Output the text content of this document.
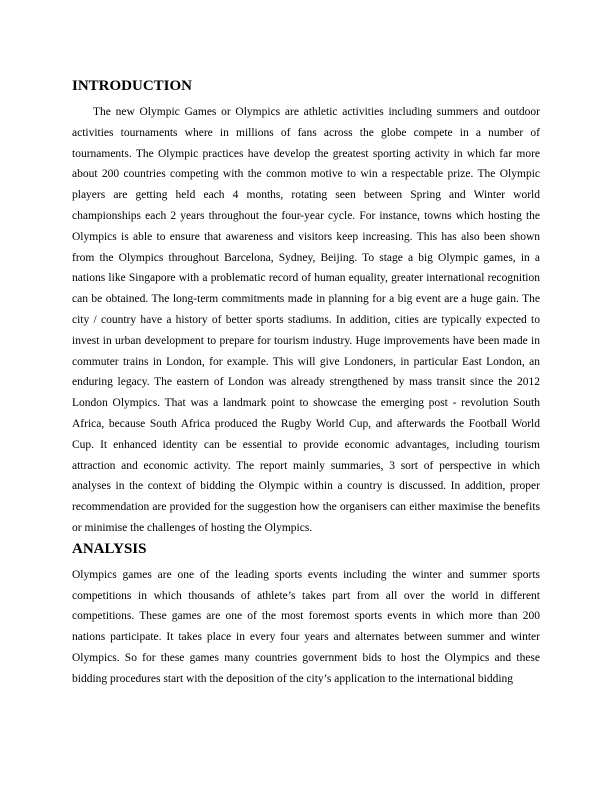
INTRODUCTION

The new Olympic Games or Olympics are athletic activities including summers and outdoor activities tournaments where in millions of fans across the globe compete in a number of tournaments. The Olympic practices have develop the greatest sporting activity in which far more about 200 countries competing with the common motive to win a respectable prize. The Olympic players are getting held each 4 months, rotating seen between Spring and Winter world championships each 2 years throughout the four-year cycle. For instance, towns which hosting the Olympics is able to ensure that awareness and visitors keep increasing. This has also been shown from the Olympics throughout Barcelona, Sydney, Beijing. To stage a big Olympic games, in a nations like Singapore with a problematic record of human equality, greater international recognition can be obtained. The long-term commitments made in planning for a big event are a huge gain. The city / country have a history of better sports stadiums. In addition, cities are typically expected to invest in urban development to prepare for tourism industry. Huge improvements have been made in commuter trains in London, for example. This will give Londoners, in particular East London, an enduring legacy. The eastern of London was already strengthened by mass transit since the 2012 London Olympics. That was a landmark point to showcase the emerging post - revolution South Africa, because South Africa produced the Rugby World Cup, and afterwards the Football World Cup. It enhanced identity can be essential to provide economic advantages, including tourism attraction and economic activity. The report mainly summaries, 3 sort of perspective in which analyses in the context of bidding the Olympic within a country is discussed. In addition, proper recommendation are provided for the suggestion how the organisers can either maximise the benefits or minimise the challenges of hosting the Olympics.

ANALYSIS

Olympics games are one of the leading sports events including the winter and summer sports competitions in which thousands of athlete’s takes part from all over the world in different competitions. These games are one of the most foremost sports events in which more than 200 nations participate. It takes place in every four years and alternates between summer and winter Olympics. So for these games many countries government bids to host the Olympics and these bidding procedures start with the deposition of the city’s application to the international bidding
